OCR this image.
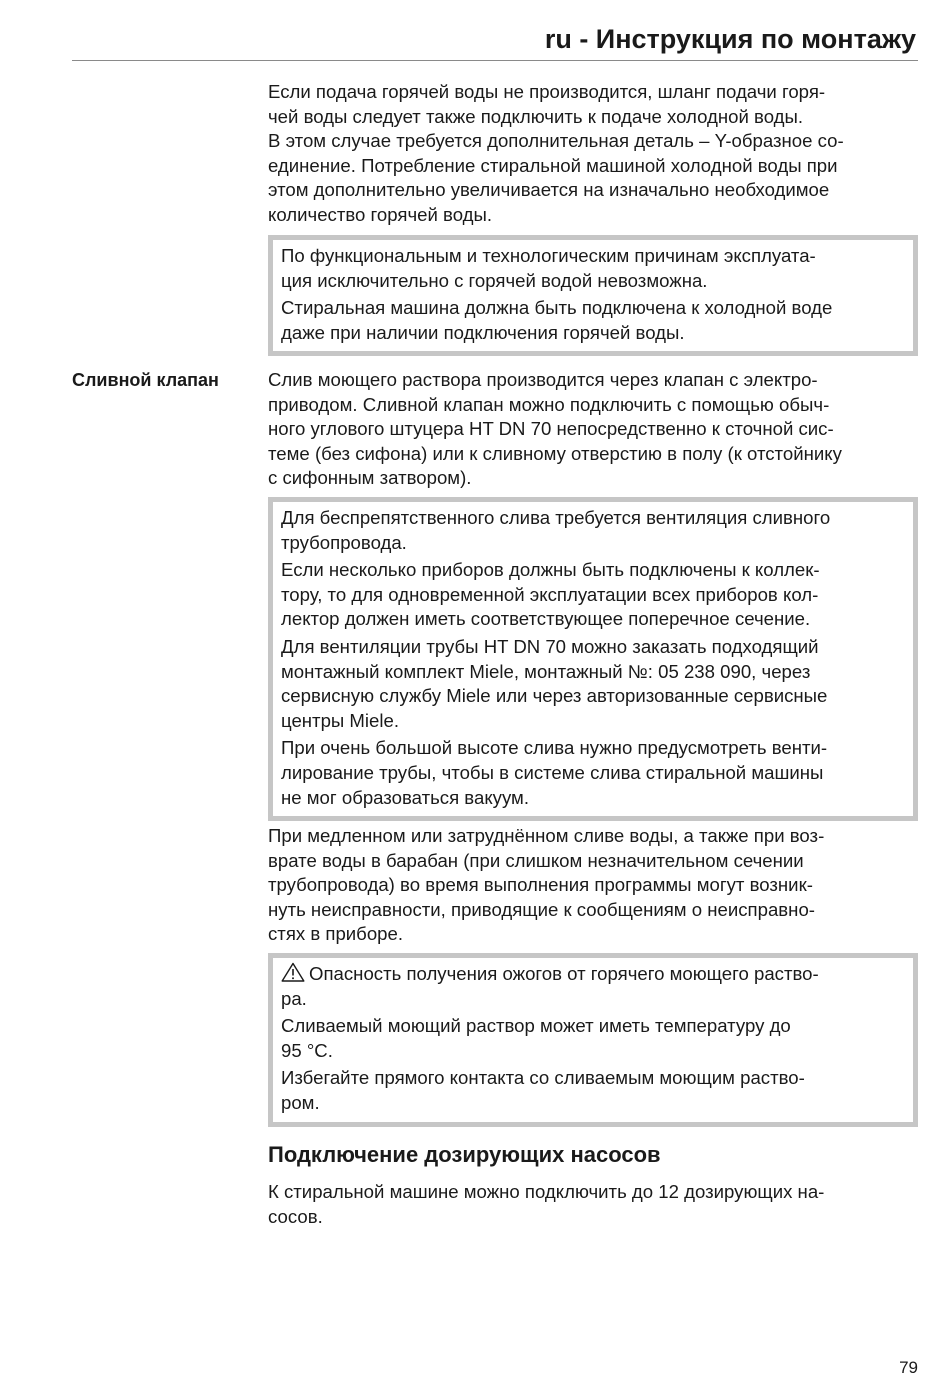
ru - Инструкция по монтажу

Если подача горячей воды не производится, шланг подачи горя-

чей воды следует также подключить к подаче холодной воды.

В этом случае требуется дополнительная деталь – Y-образное со-

единение. Потребление стиральной машиной холодной воды при

этом дополнительно увеличивается на изначально необходимое

количество горячей воды.

По функциональным и технологическим причинам эксплуата-
ция исключительно с горячей водой невозможна.

Стиральная машина должна быть подключена к холодной воде
даже при наличии подключения горячей воды.

Сливной клапан	Слив моющего раствора производится через клапан с электро-

приводом. Сливной клапан можно подключить с помощью обыч-

ного углового штуцера HT DN 70 непосредственно к сточной сис-

теме (без сифона) или к сливному отверстию в полу (к отстойнику

с сифонным затвором).

Для беспрепятственного слива требуется вентиляция сливного
трубопровода.

Если несколько приборов должны быть подключены к коллек-
тору, то для одновременной эксплуатации всех приборов кол-
лектор должен иметь соответствующее поперечное сечение.

Для вентиляции трубы HT DN 70 можно заказать подходящий
монтажный комплект Miele, монтажный №: 05 238 090, через
сервисную службу Miele или через авторизованные сервисные
центры Miele.

При очень большой высоте слива нужно предусмотреть венти-
лирование трубы, чтобы в системе слива стиральной машины
не мог образоваться вакуум.

При медленном или затруднённом сливе воды, а также при воз-

врате воды в барабан (при слишком незначительном сечении

трубопровода) во время выполнения программы могут возник-

нуть неисправности, приводящие к сообщениям о неисправно-

стях в приборе.

Опасность получения ожогов от горячего моющего раство-
ра.

Сливаемый моющий раствор может иметь температуру до
95 °C.

Избегайте прямого контакта со сливаемым моющим раство-
ром.

Подключение дозирующих насосов

К стиральной машине можно подключить до 12 дозирующих на-

сосов.

79
